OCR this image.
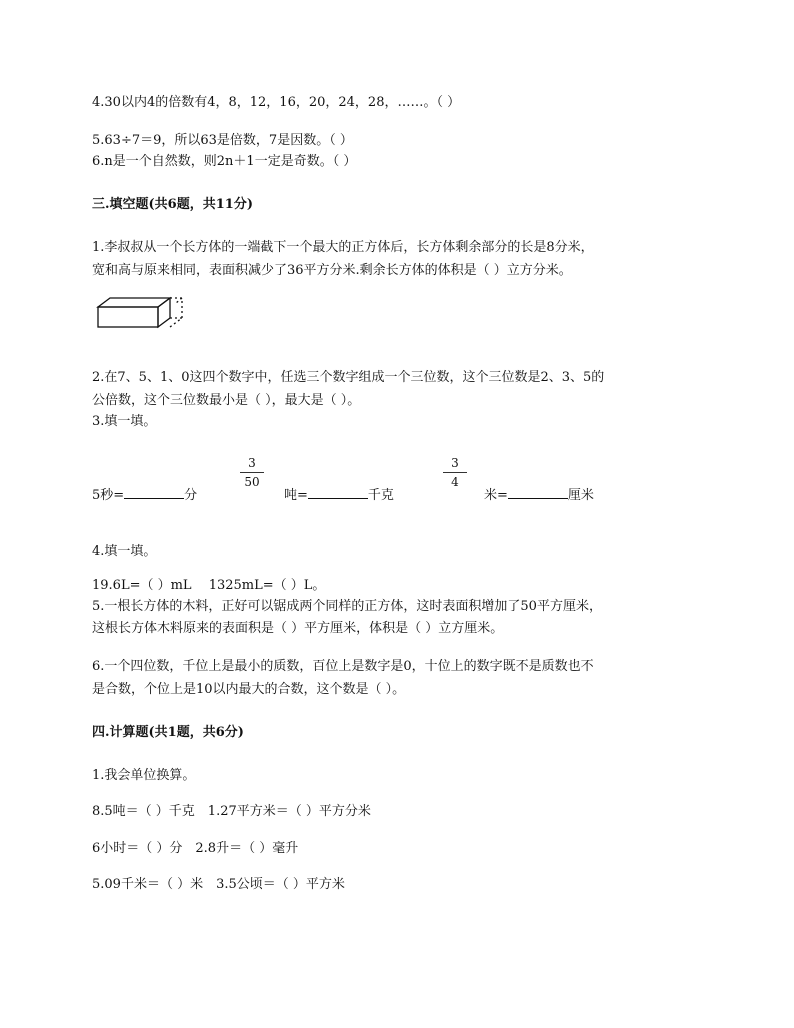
4.30以内4的倍数有4，8，12，16，20，24，28，……。（ ）

5.63÷7＝9，所以63是倍数，7是因数。（ ）

6.n是一个自然数，则2n＋1一定是奇数。（ ）

三.填空题(共6题，共11分)

1.李叔叔从一个长方体的一端截下一个最大的正方体后，长方体剩余部分的长是8分米，

宽和高与原来相同，表面积减少了36平方分米.剩余长方体的体积是（ ）立方分米。

2.在7、5、1、0这四个数字中，任选三个数字组成一个三位数，这个三位数是2、3、5的

公倍数，这个三位数最小是（ ），最大是（ ）。

3.填一填。

5秒=	分
3
50
吨=	千克
3
4
米=	厘米

4.填一填。

19.6L=（ ）mL　 1325mL=（ ）L。

5.一根长方体的木料，正好可以锯成两个同样的正方体，这时表面积增加了50平方厘米，

这根长方体木料原来的表面积是（ ）平方厘米，体积是（ ）立方厘米。

6.一个四位数，千位上是最小的质数，百位上是数字是0，十位上的数字既不是质数也不

是合数，个位上是10以内最大的合数，这个数是（ ）。

四.计算题(共1题，共6分)

1.我会单位换算。

8.5吨＝（ ）千克　1.27平方米＝（ ）平方分米

6小时＝（ ）分　2.8升＝（ ）毫升

5.09千米＝（ ）米　3.5公顷＝（ ）平方米
